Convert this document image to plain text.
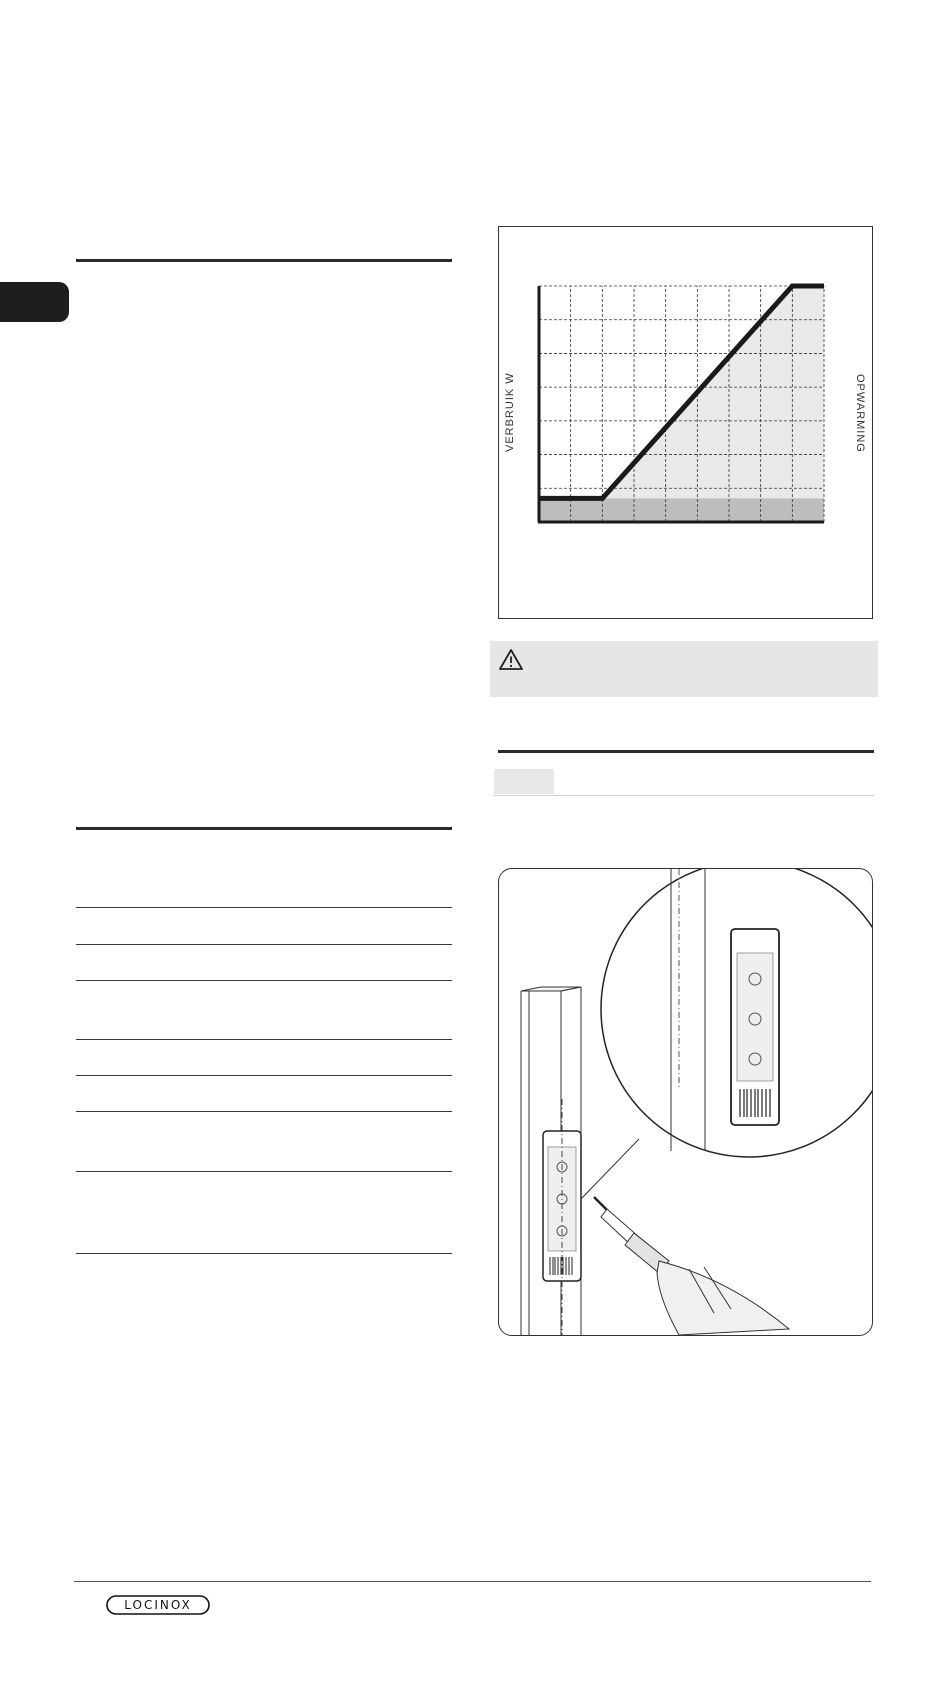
VERBRUIK W	OPWARMING
LOCINOX
